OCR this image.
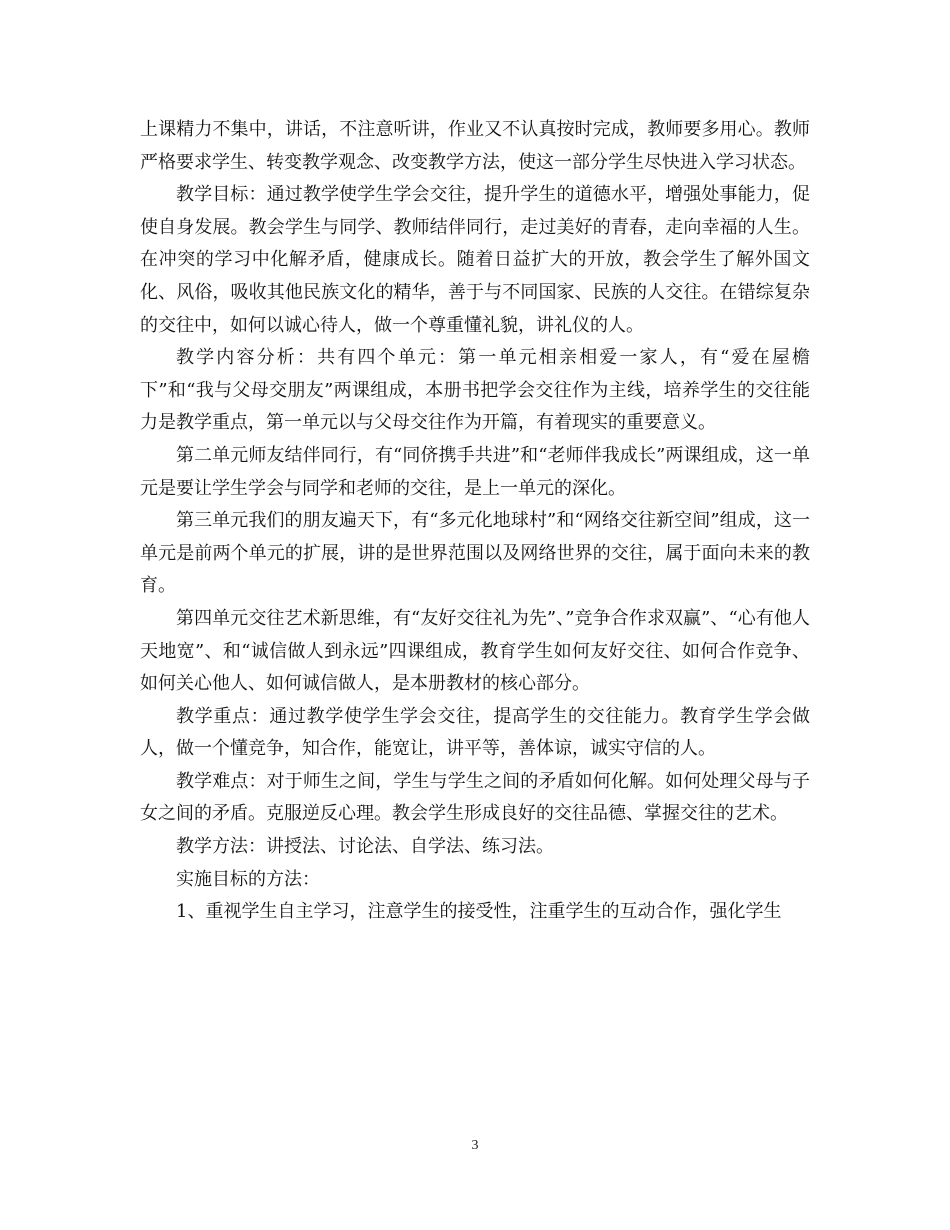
上课精力不集中，讲话，不注意听讲，作业又不认真按时完成，教师要多用心。教师严格要求学生、转变教学观念、改变教学方法，使这一部分学生尽快进入学习状态。

教学目标：通过教学使学生学会交往，提升学生的道德水平，增强处事能力，促使自身发展。教会学生与同学、教师结伴同行，走过美好的青春，走向幸福的人生。在冲突的学习中化解矛盾，健康成长。随着日益扩大的开放，教会学生了解外国文化、风俗，吸收其他民族文化的精华，善于与不同国家、民族的人交往。在错综复杂的交往中，如何以诚心待人，做一个尊重懂礼貌，讲礼仪的人。

教学内容分析：共有四个单元：第一单元相亲相爱一家人，有“爱在屋檐下”和“我与父母交朋友”两课组成，本册书把学会交往作为主线，培养学生的交往能力是教学重点，第一单元以与父母交往作为开篇，有着现实的重要意义。

第二单元师友结伴同行，有“同侪携手共进”和“老师伴我成长”两课组成，这一单元是要让学生学会与同学和老师的交往，是上一单元的深化。

第三单元我们的朋友遍天下，有“多元化地球村”和“网络交往新空间”组成，这一单元是前两个单元的扩展，讲的是世界范围以及网络世界的交往，属于面向未来的教育。

第四单元交往艺术新思维，有“友好交往礼为先”、”竞争合作求双赢”、“心有他人天地宽”、和“诚信做人到永远”四课组成，教育学生如何友好交往、如何合作竞争、如何关心他人、如何诚信做人，是本册教材的核心部分。

教学重点：通过教学使学生学会交往，提高学生的交往能力。教育学生学会做人，做一个懂竞争，知合作，能宽让，讲平等，善体谅，诚实守信的人。

教学难点：对于师生之间，学生与学生之间的矛盾如何化解。如何处理父母与子女之间的矛盾。克服逆反心理。教会学生形成良好的交往品德、掌握交往的艺术。

教学方法：讲授法、讨论法、自学法、练习法。

实施目标的方法：

1、重视学生自主学习，注意学生的接受性，注重学生的互动合作，强化学生

3
